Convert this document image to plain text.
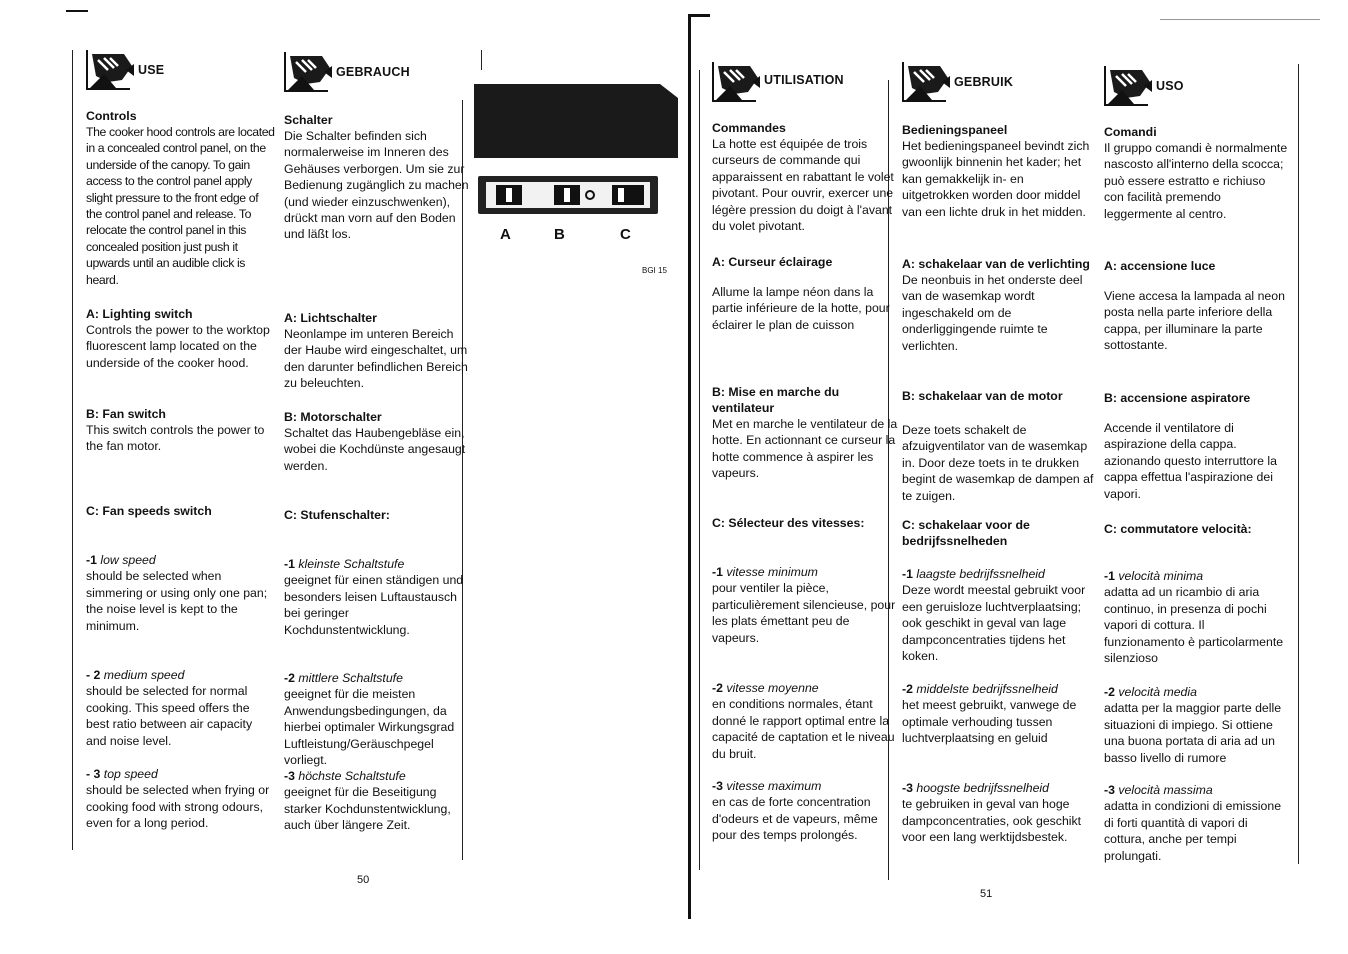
A	B	C
BGI 15
USE
Controls

The cooker hood controls are located in a concealed control panel, on the underside of the canopy. To gain access to the control panel apply slight pressure to the front edge of the control panel and release. To relocate the control panel in this concealed position just push it upwards until an audible click is heard.

A: Lighting switch

Controls the power to the worktop fluorescent lamp located on the underside of the cooker hood.

B: Fan switch

This switch controls the power to the fan motor.

C: Fan speeds switch
-1 low speed

should be selected when simmering or using only one pan; the noise level is kept to the minimum.

- 2 medium speed

should be selected for normal cooking. This speed offers the best ratio between air capacity and noise level.

- 3 top speed

should be selected when frying or cooking food with strong odours, even for a long period.

GEBRAUCH
Schalter

Die Schalter befinden sich normalerweise im Inneren des Gehäuses verborgen. Um sie zur Bedienung zugänglich zu machen (und wieder einzuschwenken), drückt man vorn auf den Boden und läßt los.

A: Lichtschalter

Neonlampe im unteren Bereich der Haube wird eingeschaltet, um den darunter befindlichen Bereich zu beleuchten.

B: Motorschalter

Schaltet das Haubengebläse ein, wobei die Kochdünste angesaugt werden.

C: Stufenschalter:
-1 kleinste Schaltstufe

geeignet für einen ständigen und besonders leisen Luftaustausch bei geringer Kochdunstentwicklung.

-2 mittlere Schaltstufe

geeignet für die meisten Anwendungsbedingungen, da hierbei optimaler Wirkungsgrad Luftleistung/Geräuschpegel vorliegt.

-3 höchste Schaltstufe

geeignet für die Beseitigung starker Kochdunstentwicklung, auch über längere Zeit.

UTILISATION
Commandes

La hotte est équipée de trois curseurs de commande qui apparaissent en rabattant le volet pivotant. Pour ouvrir, exercer une légère pression du doigt à l'avant du volet pivotant.

A: Curseur éclairage

Allume la lampe néon dans la partie inférieure de la hotte, pour éclairer le plan de cuisson

B: Mise en marche du ventilateur

Met en marche le ventilateur de la hotte. En actionnant ce curseur la hotte commence à aspirer les vapeurs.

C: Sélecteur des vitesses:
-1 vitesse minimum

pour ventiler la pièce, particulièrement silencieuse, pour les plats émettant peu de vapeurs.

-2 vitesse moyenne

en conditions normales, étant donné le rapport optimal entre la capacité de captation et le niveau du bruit.

-3 vitesse maximum

en cas de forte concentration d'odeurs et de vapeurs, même pour des temps prolongés.

GEBRUIK
Bedieningspaneel

Het bedieningspaneel bevindt zich gwoonlijk binnenin het kader; het kan gemakkelijk in- en uitgetrokken worden door middel van een lichte druk in het midden.

A: schakelaar van de verlichting

De neonbuis in het onderste deel van de wasemkap wordt ingeschakeld om de onderliggingende ruimte te verlichten.

B: schakelaar van de motor

Deze toets schakelt de afzuigventilator van de wasemkap in. Door deze toets in te drukken begint de wasemkap de dampen af te zuigen.

C: schakelaar voor de bedrijfssnelheden
-1 laagste bedrijfssnelheid

Deze wordt meestal gebruikt voor een geruisloze luchtverplaatsing; ook geschikt in geval van lage dampconcentraties tijdens het koken.

-2 middelste bedrijfssnelheid

het meest gebruikt, vanwege de optimale verhouding tussen luchtverplaatsing en geluid

-3 hoogste bedrijfssnelheid

te gebruiken in geval van hoge dampconcentraties, ook geschikt voor een lang werktijdsbestek.

USO
Comandi

Il gruppo comandi è normalmente nascosto all'interno della scocca; può essere estratto e richiuso con facilità premendo leggermente al centro.

A: accensione luce

Viene accesa la lampada al neon posta nella parte inferiore della cappa, per illuminare la parte sottostante.

B: accensione aspiratore

Accende il ventilatore di aspirazione della cappa. azionando questo interruttore la cappa effettua l'aspirazione dei vapori.

C: commutatore velocità:
-1 velocità minima

adatta ad un ricambio di aria continuo, in presenza di pochi vapori di cottura. Il funzionamento è particolarmente silenzioso

-2 velocità media

adatta per la maggior parte delle situazioni di impiego. Si ottiene una buona portata di aria ad un basso livello di rumore

-3 velocità massima

adatta in condizioni di emissione di forti quantità di vapori di cottura, anche per tempi prolungati.

50
51
